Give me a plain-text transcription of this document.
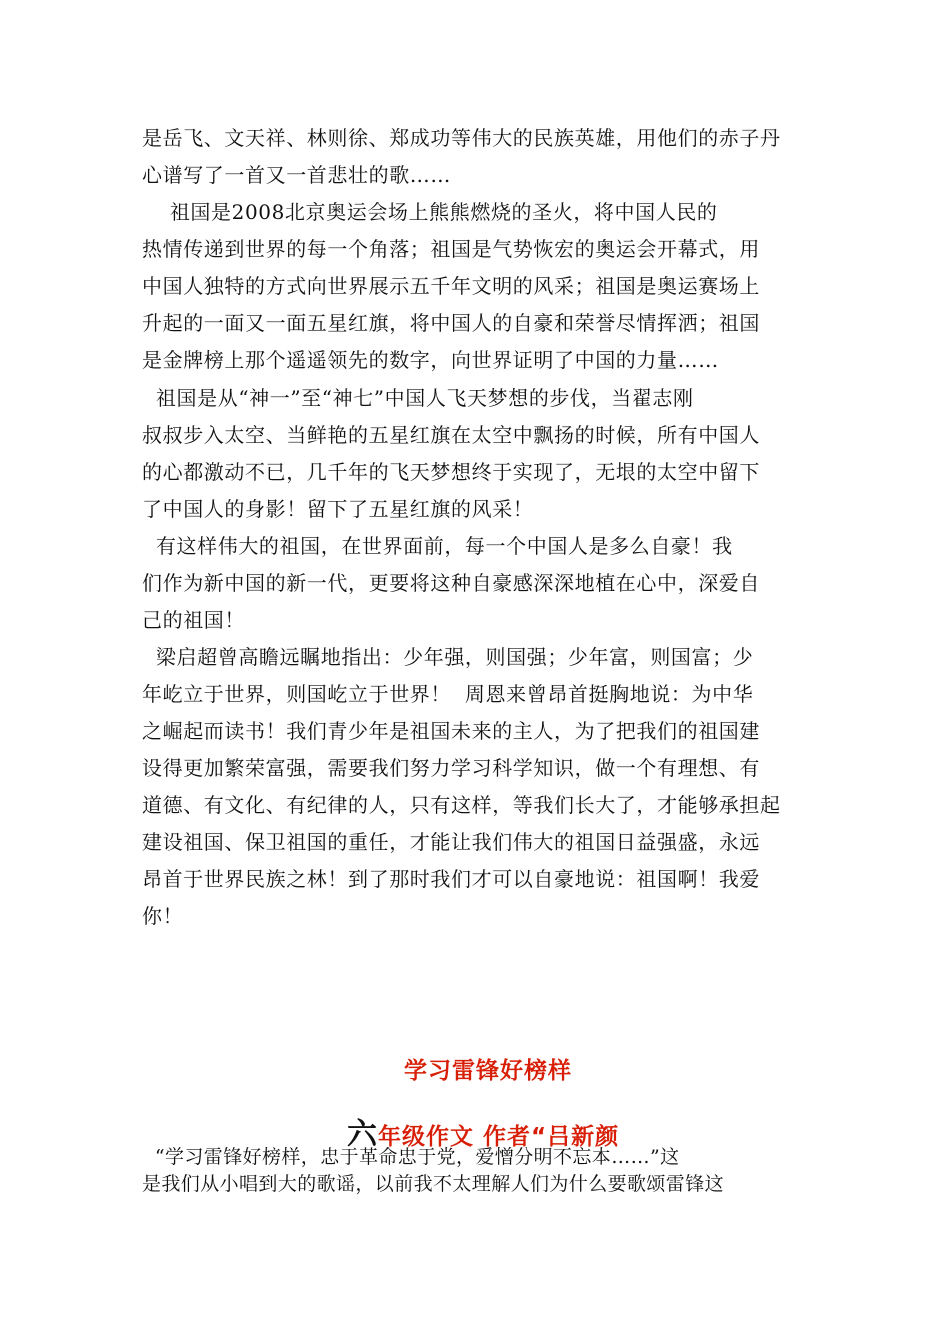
是岳飞、文天祥、林则徐、郑成功等伟大的民族英雄，用他们的赤子丹
心谱写了一首又一首悲壮的歌……
祖国是2008北京奥运会场上熊熊燃烧的圣火，将中国人民的
热情传递到世界的每一个角落；祖国是气势恢宏的奥运会开幕式，用
中国人独特的方式向世界展示五千年文明的风采；祖国是奥运赛场上
升起的一面又一面五星红旗，将中国人的自豪和荣誉尽情挥洒；祖国
是金牌榜上那个遥遥领先的数字，向世界证明了中国的力量……
祖国是从“神一”至“神七”中国人飞天梦想的步伐，当翟志刚
叔叔步入太空、当鲜艳的五星红旗在太空中飘扬的时候，所有中国人
的心都激动不已，几千年的飞天梦想终于实现了，无垠的太空中留下
了中国人的身影！留下了五星红旗的风采！
有这样伟大的祖国，在世界面前，每一个中国人是多么自豪！我
们作为新中国的新一代，更要将这种自豪感深深地植在心中，深爱自
己的祖国！
梁启超曾高瞻远瞩地指出：少年强，则国强；少年富，则国富；少
年屹立于世界，则国屹立于世界！  周恩来曾昂首挺胸地说：为中华
之崛起而读书！我们青少年是祖国未来的主人，为了把我们的祖国建
设得更加繁荣富强，需要我们努力学习科学知识，做一个有理想、有
道德、有文化、有纪律的人，只有这样，等我们长大了，才能够承担起
建设祖国、保卫祖国的重任，才能让我们伟大的祖国日益强盛，永远
昂首于世界民族之林！到了那时我们才可以自豪地说：祖国啊！我爱
你！
学习雷锋好榜样
六年级作文 作者“吕新颜
“学习雷锋好榜样，忠于革命忠于党，爱憎分明不忘本……”这
是我们从小唱到大的歌谣，以前我不太理解人们为什么要歌颂雷锋这
